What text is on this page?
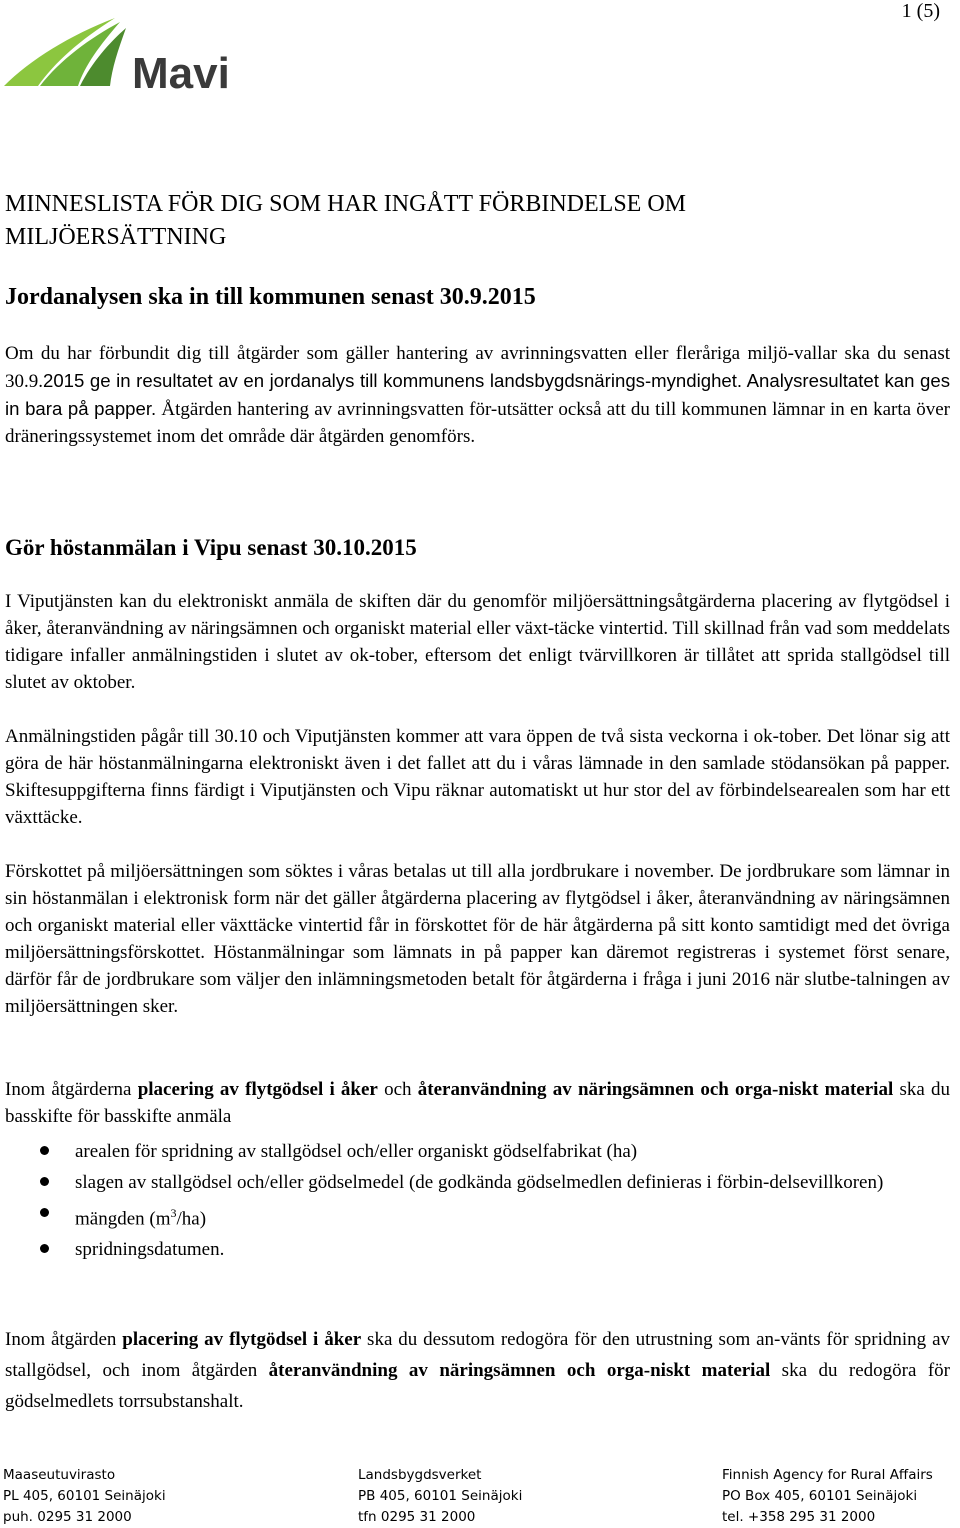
1 (5)
Mavi
MINNESLISTA FÖR DIG SOM HAR INGÅTT FÖRBINDELSE OM
MILJÖERSÄTTNING
Jordanalysen ska in till kommunen senast 30.9.2015

Om du har förbundit dig till åtgärder som gäller hantering av avrinningsvatten eller fleråriga miljö-vallar ska du senast 30.9.2015 ge in resultatet av en jordanalys till kommunens landsbygdsnärings-myndighet. Analysresultatet kan ges in bara på papper. Åtgärden hantering av avrinningsvatten för-utsätter också att du till kommunen lämnar in en karta över dräneringssystemet inom det område där åtgärden genomförs.

Gör höstanmälan i Vipu senast 30.10.2015

I Viputjänsten kan du elektroniskt anmäla de skiften där du genomför miljöersättningsåtgärderna placering av flytgödsel i åker, återanvändning av näringsämnen och organiskt material eller växt-täcke vintertid. Till skillnad från vad som meddelats tidigare infaller anmälningstiden i slutet av ok-tober, eftersom det enligt tvärvillkoren är tillåtet att sprida stallgödsel till slutet av oktober.

Anmälningstiden pågår till 30.10 och Viputjänsten kommer att vara öppen de två sista veckorna i ok-tober. Det lönar sig att göra de här höstanmälningarna elektroniskt även i det fallet att du i våras lämnade in den samlade stödansökan på papper. Skiftesuppgifterna finns färdigt i Viputjänsten och Vipu räknar automatiskt ut hur stor del av förbindelsearealen som har ett växttäcke.

Förskottet på miljöersättningen som söktes i våras betalas ut till alla jordbrukare i november. De jordbrukare som lämnar in sin höstanmälan i elektronisk form när det gäller åtgärderna placering av flytgödsel i åker, återanvändning av näringsämnen och organiskt material eller växttäcke vintertid får in förskottet för de här åtgärderna på sitt konto samtidigt med det övriga miljöersättningsförskottet. Höstanmälningar som lämnats in på papper kan däremot registreras i systemet först senare, därför får de jordbrukare som väljer den inlämningsmetoden betalt för åtgärderna i fråga i juni 2016 när slutbe-talningen av miljöersättningen sker.

Inom åtgärderna placering av flytgödsel i åker och återanvändning av näringsämnen och orga-niskt material ska du basskifte för basskifte anmäla

arealen för spridning av stallgödsel och/eller organiskt gödselfabrikat (ha)
slagen av stallgödsel och/eller gödselmedel (de godkända gödselmedlen definieras i förbin-delsevillkoren)
mängden $(m^3/ha)$
spridningsdatumen.

Inom åtgärden placering av flytgödsel i åker ska du dessutom redogöra för den utrustning som an-vänts för spridning av stallgödsel, och inom åtgärden återanvändning av näringsämnen och orga-niskt material ska du redogöra för gödselmedlets torrsubstanshalt.

Maaseutuvirasto
PL 405, 60101 Seinäjoki
puh. 0295 31 2000
Landsbygdsverket
PB 405, 60101 Seinäjoki
tfn 0295 31 2000
Finnish Agency for Rural Affairs
PO Box 405, 60101 Seinäjoki
tel. +358 295 31 2000
